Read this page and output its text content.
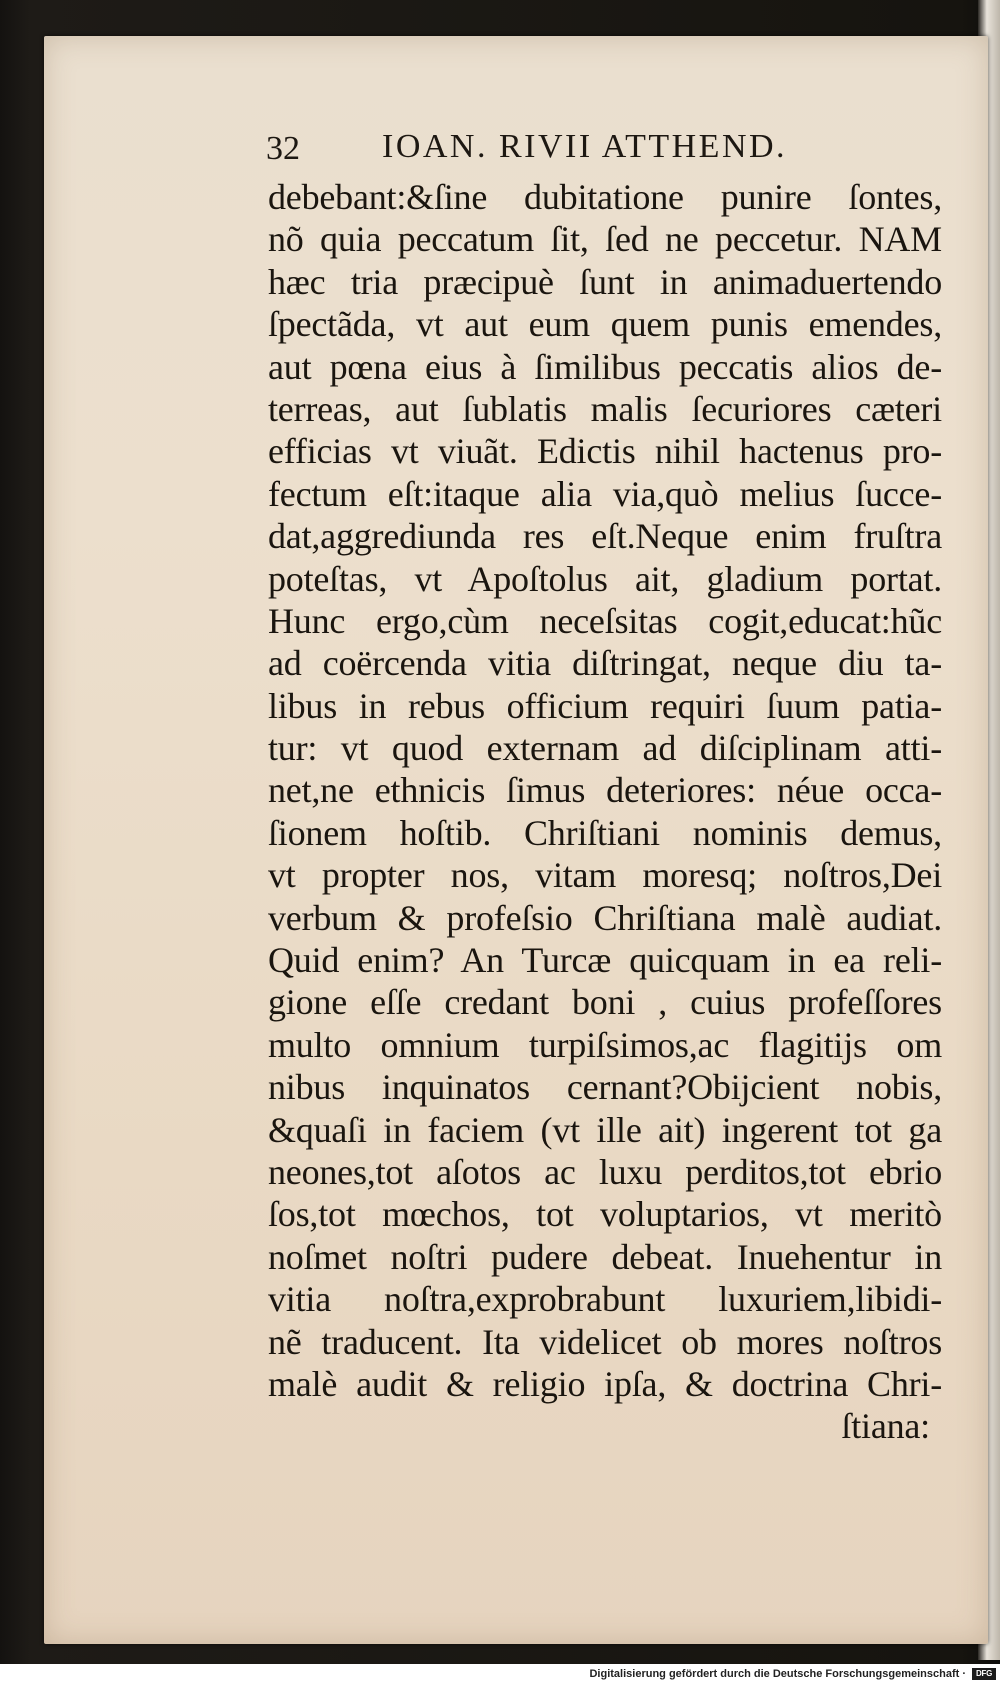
32 IOAN. RIVII ATTHEND.
debebant:&ſine dubitatione punire ſontes,
nõ quia peccatum ſit, ſed ne peccetur. NAM
hæc tria præcipuè ſunt in animaduertendo
ſpectãda, vt aut eum quem punis emendes,
aut pœna eius à ſimilibus peccatis alios de-
terreas, aut ſublatis malis ſecuriores cæteri
efficias vt viuãt. Edictis nihil hactenus pro-
fectum eſt:itaque alia via,quò melius ſucce-
dat,aggrediunda res eſt.Neque enim fruſtra
poteſtas, vt Apoſtolus ait, gladium portat.
Hunc ergo,cùm neceſsitas cogit,educat:hũc
ad coërcenda vitia diſtringat, neque diu ta-
libus in rebus officium requiri ſuum patia-
tur: vt quod externam ad diſciplinam atti-
net,ne ethnicis ſimus deteriores: néue occa-
ſionem hoſtib. Chriſtiani nominis demus,
vt propter nos, vitam moresq; noſtros,Dei
verbum & profeſsio Chriſtiana malè audiat.
Quid enim? An Turcæ quicquam in ea reli-
gione eſſe credant boni , cuius profeſſores
multo omnium turpiſsimos,ac flagitijs om
nibus inquinatos cernant?Obijcient nobis,
&quaſi in faciem (vt ille ait) ingerent tot ga
neones,tot aſotos ac luxu perditos,tot ebrio
ſos,tot mœchos, tot voluptarios, vt meritò
noſmet noſtri pudere debeat. Inuehentur in
vitia noſtra,exprobrabunt luxuriem,libidi-
nẽ traducent. Ita videlicet ob mores noſtros
malè audit & religio ipſa, & doctrina Chri-
ſtiana:
Digitalisierung gefördert durch die Deutsche Forschungsgemeinschaft ·	DFG
